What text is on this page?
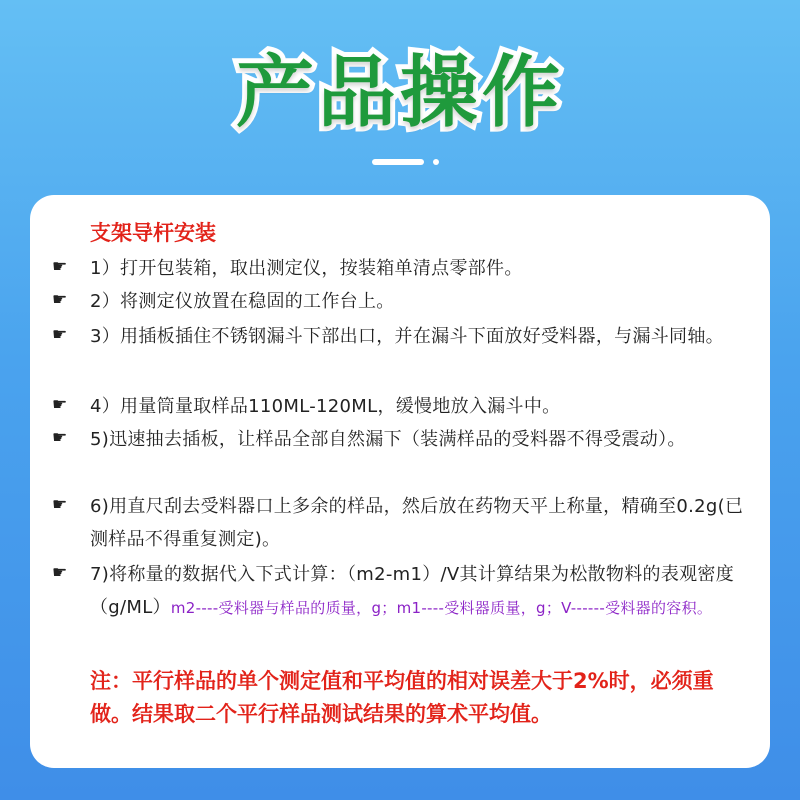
产品操作
支架导杆安装
☛	1）打开包装箱，取出测定仪，按装箱单清点零部件。
☛	2）将测定仪放置在稳固的工作台上。
☛	3）用插板插住不锈钢漏斗下部出口，并在漏斗下面放好受料器，与漏斗同轴。
☛	4）用量筒量取样品110ML-120ML，缓慢地放入漏斗中。
☛	5)迅速抽去插板，让样品全部自然漏下（装满样品的受料器不得受震动）。
☛	6)用直尺刮去受料器口上多余的样品，然后放在药物天平上称量，精确至0.2g(已测样品不得重复测定)。
☛	7)将称量的数据代入下式计算：（m2-m1）/V其计算结果为松散物料的表观密度（g/ML）m2----受料器与样品的质量，g；m1----受料器质量，g；V------受料器的容积。
注：平行样品的单个测定值和平均值的相对误差大于2%时，必须重做。结果取二个平行样品测试结果的算术平均值。
